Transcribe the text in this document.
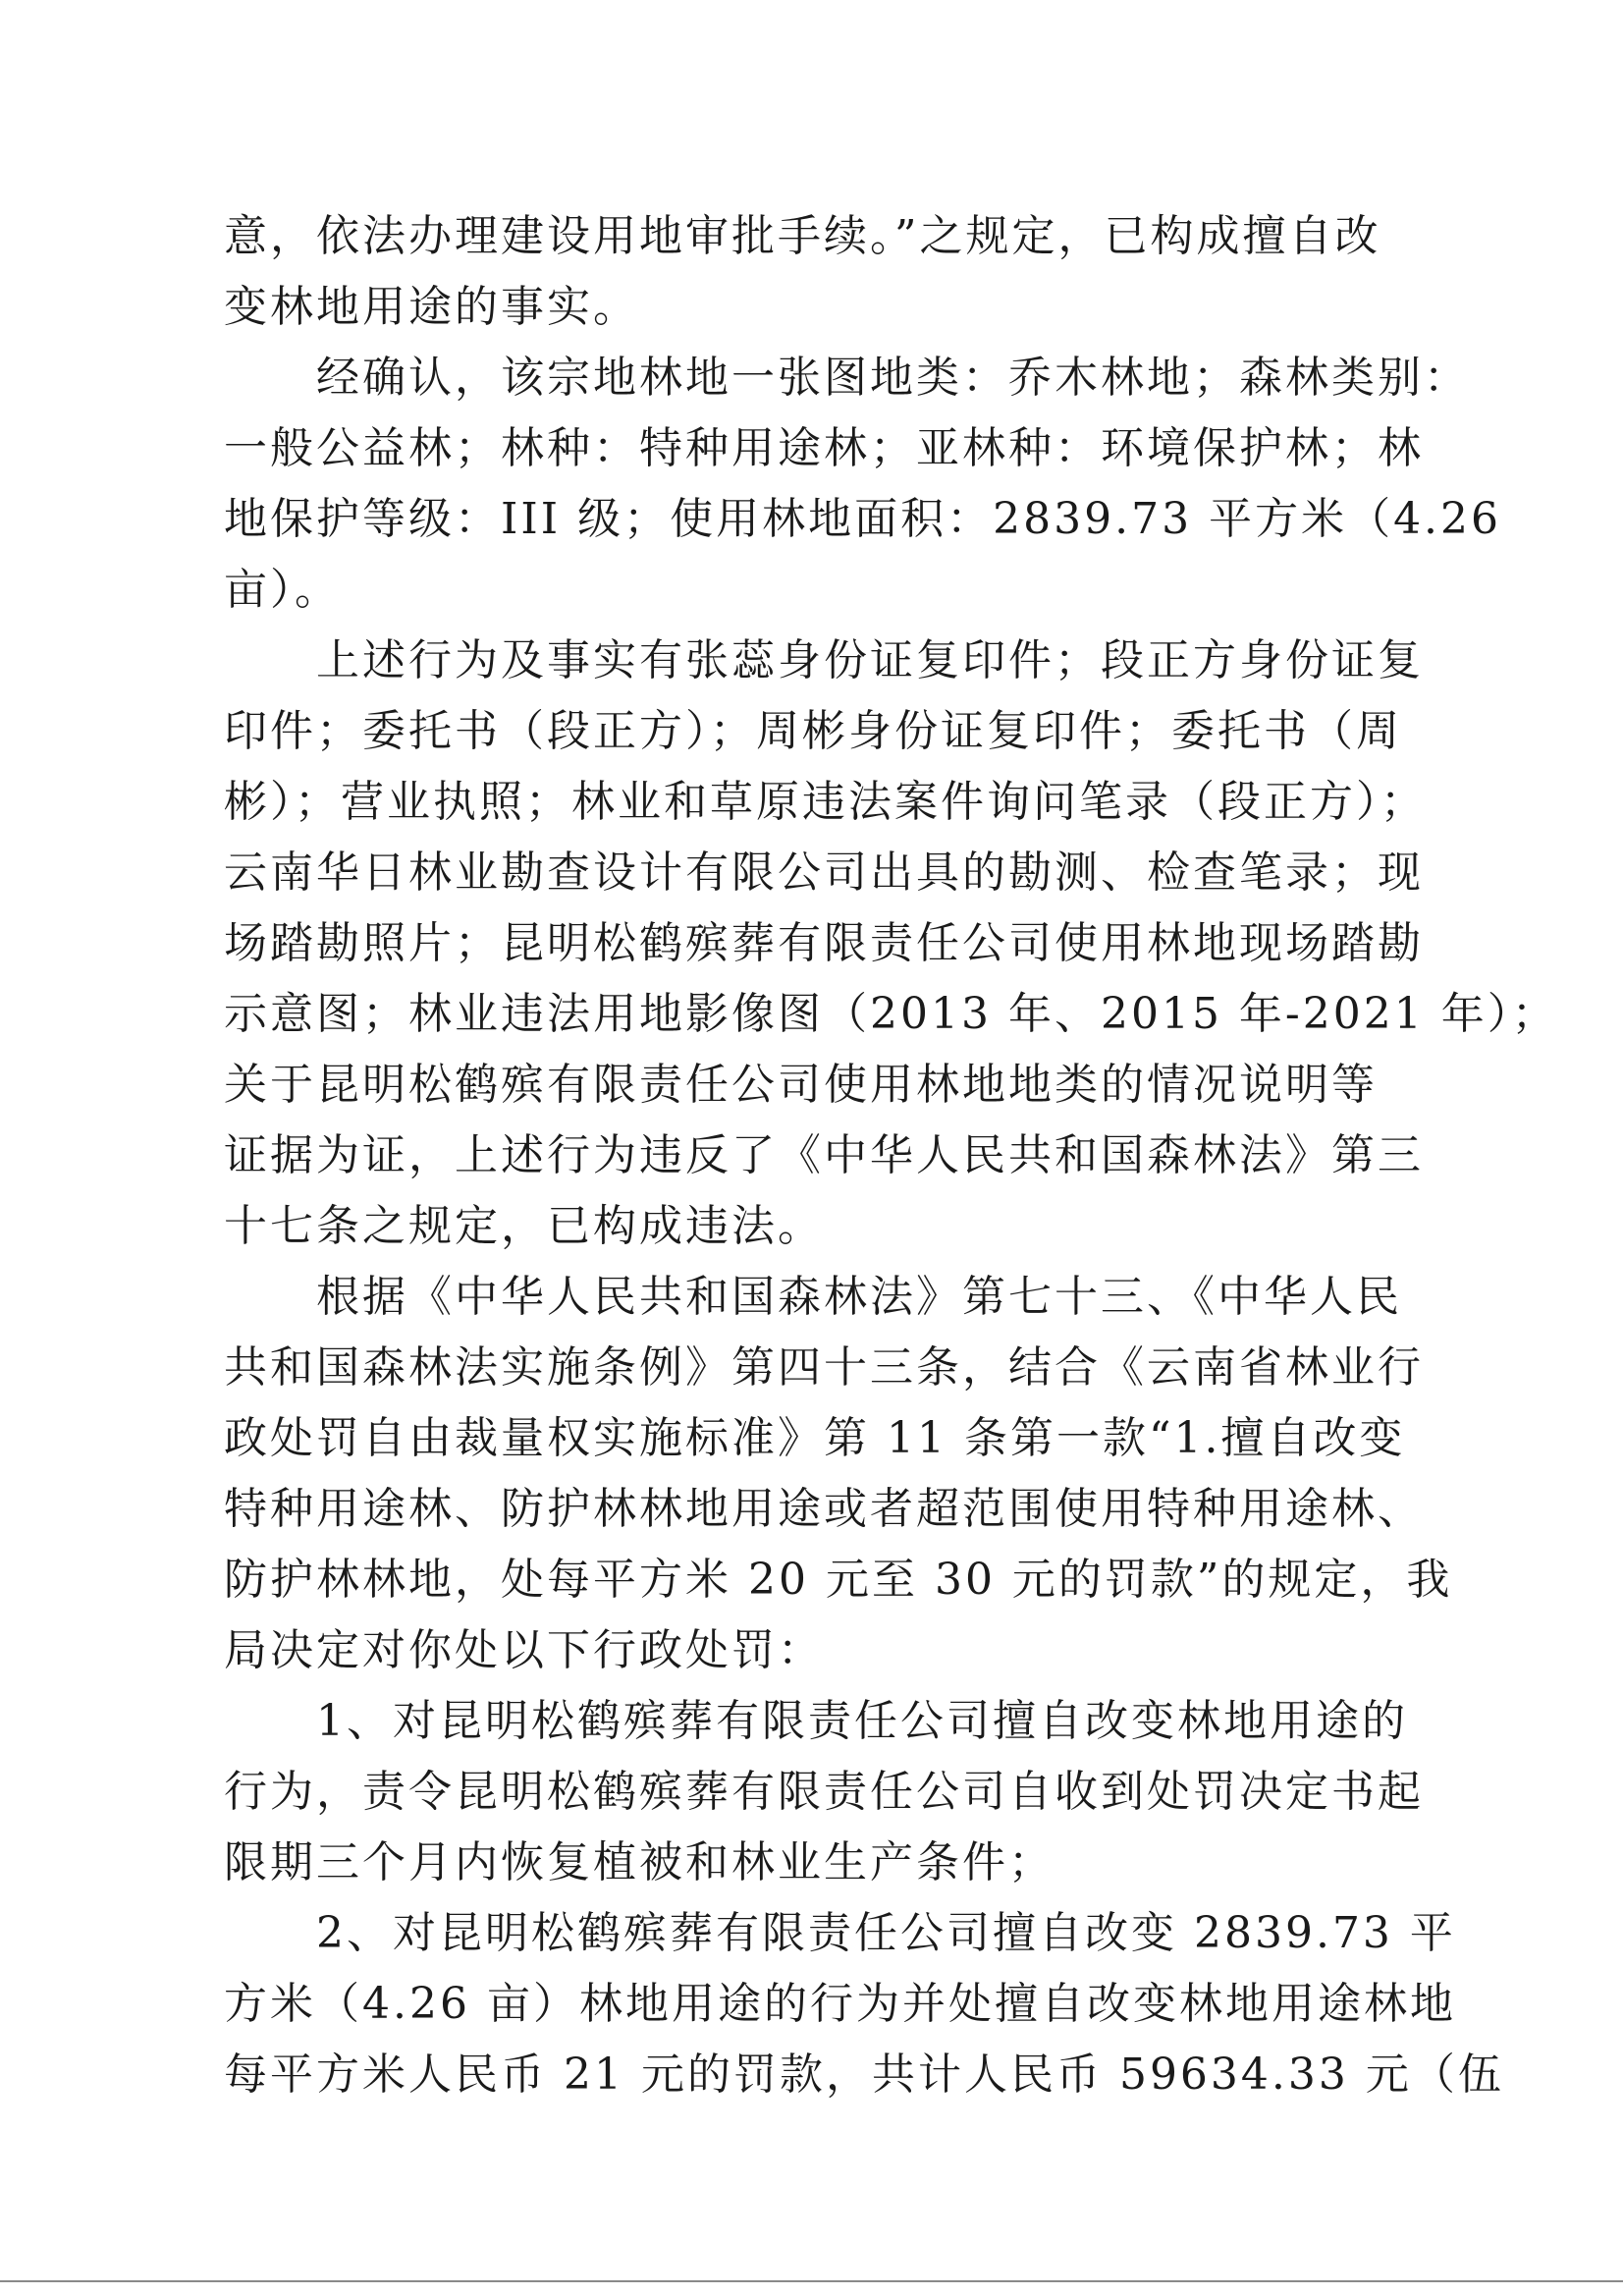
意，依法办理建设用地审批手续。”之规定，已构成擅自改
变林地用途的事实。
　　经确认，该宗地林地一张图地类：乔木林地；森林类别：
一般公益林；林种：特种用途林；亚林种：环境保护林；林
地保护等级：III 级；使用林地面积：2839.73 平方米（4.26
亩）。
　　上述行为及事实有张蕊身份证复印件；段正方身份证复
印件；委托书（段正方）；周彬身份证复印件；委托书（周
彬）；营业执照；林业和草原违法案件询问笔录（段正方）；
云南华日林业勘查设计有限公司出具的勘测、检查笔录；现
场踏勘照片；昆明松鹤殡葬有限责任公司使用林地现场踏勘
示意图；林业违法用地影像图（2013 年、2015 年-2021 年）；
关于昆明松鹤殡有限责任公司使用林地地类的情况说明等
证据为证，上述行为违反了《中华人民共和国森林法》第三
十七条之规定，已构成违法。
　　根据《中华人民共和国森林法》第七十三、《中华人民
共和国森林法实施条例》第四十三条，结合《云南省林业行
政处罚自由裁量权实施标准》第 11 条第一款“1.擅自改变
特种用途林、防护林林地用途或者超范围使用特种用途林、
防护林林地，处每平方米 20 元至 30 元的罚款”的规定，我
局决定对你处以下行政处罚：
　　1、对昆明松鹤殡葬有限责任公司擅自改变林地用途的
行为，责令昆明松鹤殡葬有限责任公司自收到处罚决定书起
限期三个月内恢复植被和林业生产条件；
　　2、对昆明松鹤殡葬有限责任公司擅自改变 2839.73 平
方米（4.26 亩）林地用途的行为并处擅自改变林地用途林地
每平方米人民币 21 元的罚款，共计人民币 59634.33 元（伍
